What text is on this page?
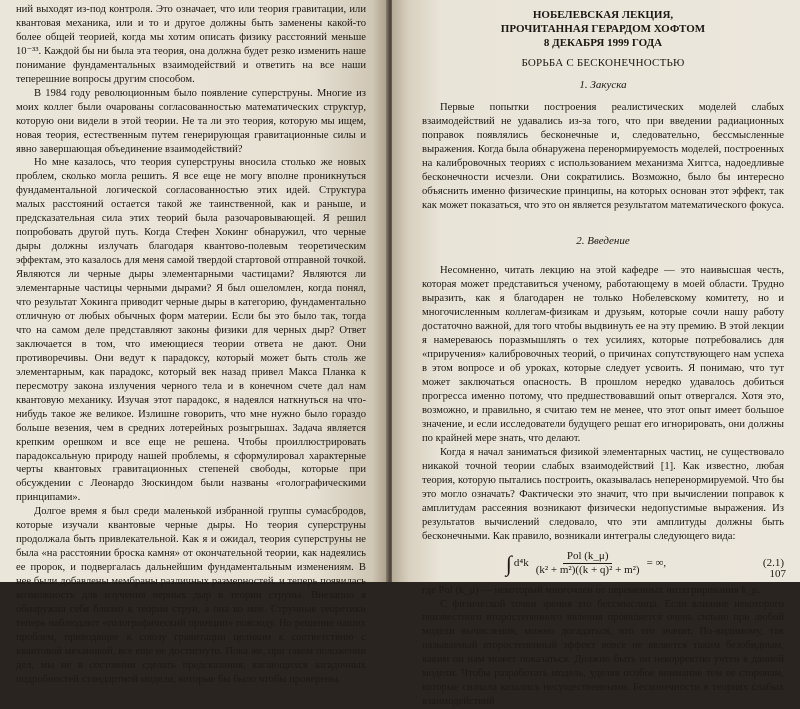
ний выходят из-под контроля. Это означает, что или теория гравитации, или квантовая механика, или и то и другое должны быть заменены какой-то более общей теорией, когда мы хотим описать физику расстояний меньше 10⁻³³. Каждой бы ни была эта теория, она должна будет резко изменить наше понимание фундаментальных взаимодействий и ответить на все наши теперешние вопросы другим способом.

В 1984 году революционным было появление суперструны. Многие из моих коллег были очарованы согласованностью математических структур, которую они видели в этой теории. Не та ли это теория, которую мы ищем, новая теория, естественным путем генерирующая гравитационные силы и явно завершающая объединение взаимодействий?

Но мне казалось, что теория суперструны вносила столько же новых проблем, сколько могла решить. Я все еще не могу вполне проникнуться фундаментальной логической согласованностью этих идей. Структура малых расстояний остается такой же таинственной, как и раньше, и предсказательная сила этих теорий была разочаровывающей. Я решил попробовать другой путь. Когда Стефен Хокинг обнаружил, что черные дыры должны излучать благодаря квантово-полевым теоретическим эффектам, это казалось для меня самой твердой стартовой отправной точкой. Являются ли черные дыры элементарными частицами? Являются ли элементарные частицы черными дырами? Я был ошеломлен, когда понял, что результат Хокинга приводит черные дыры в категорию, фундаментально отличную от любых обычных форм материи. Если бы это было так, тогда что на самом деле представляют законы физики для черных дыр? Ответ заключается в том, что имеющиеся теории ответа не дают. Они противоречивы. Они ведут к парадоксу, который может быть столь же элементарным, как парадокс, который век назад привел Макса Планка к пересмотру закона излучения черного тела и в конечном счете дал нам квантовую механику. Изучая этот парадокс, я надеялся наткнуться на что-нибудь такое же великое. Излишне говорить, что мне нужно было гораздо больше везения, чем в средних лотерейных розыгрышах. Задача является крепким орешком и все еще не решена. Чтобы проиллюстрировать парадоксальную природу нашей проблемы, я сформулировал характерные черты квантовых гравитационных степеней свободы, которые при обсуждении с Леонардо Зюскиндом были названы «голографическими принципами».

Долгое время я был среди маленькой избранной группы сумасбродов, которые изучали квантовые черные дыры. Но теория суперструны продолжала быть привлекательной. Как я и ожидал, теория суперструны не была «на расстоянии броска камня» от окончательной теории, как надеялись ее пророк, и подвергалась дальнейшим фундаментальным изменениям. В нее были добавлены мембраны различных размерностей, и теперь появилась возможность для изучения черных дыр в теории струны. Внезапно я обнаружил себя близко к теории струн, а она ко мне. Струнные теоретики теперь наблюдают «голографический принцип» повсюду. Но решение наших проблем, приводящее к союзу гравитации целиком к соответствию с квантовой механикой, все еще не достигнуто. Пока же, при таком положении дел, мы не в состоянии сделать предсказания, касающихся загадочных подробностей стандартной модели, которые бы было чтобы проверены.

НОБЕЛЕВСКАЯ ЛЕКЦИЯ,
ПРОЧИТАННАЯ ГЕРАРДОМ ХОФТОМ
8 ДЕКАБРЯ 1999 ГОДА
БОРЬБА С БЕСКОНЕЧНОСТЬЮ
1. Закуска

Первые попытки построения реалистических моделей слабых взаимодействий не удавались из-за того, что при введении радиационных поправок появлялись бесконечные и, следовательно, бессмысленные выражения. Когда была обнаружена перенормируемость моделей, построенных на калибровочных теориях с использованием механизма Хиггса, надоедливые бесконечности исчезли. Они сократились. Возможно, было бы интересно объяснить именно физические принципы, на которых основан этот эффект, так как может показаться, что это он является результатом математического фокуса.

2. Введение

Несомненно, читать лекцию на этой кафедре — это наивысшая честь, которая может представиться ученому, работающему в моей области. Трудно выразить, как я благодарен не только Нобелевскому комитету, но и многочисленным коллегам-физикам и друзьям, которые сочли нашу работу достаточно важной, для того чтобы выдвинуть ее на эту премию. В этой лекции я намереваюсь поразмышлять о тех усилиях, которые потребовались для «приручения» калибровочных теорий, о причинах сопутствующего нам успеха в этом вопросе и об уроках, которые следует усвоить. Я понимаю, что тут может заключаться опасность. В прошлом нередко удавалось добиться прогресса именно потому, что предшествовавший опыт отвергался. Хотя это, возможно, и правильно, я считаю тем не менее, что этот опыт имеет большое значение, и если исследователи будущего решат его игнорировать, они должны по крайней мере знать, что делают.

Когда я начал заниматься физикой элементарных частиц, не существовало никакой точной теории слабых взаимодействий [1]. Как известно, любая теория, которую пытались построить, оказывалась неперенормируемой. Что бы это могло означать? Фактически это значит, что при вычислении поправок к амплитудам рассеяния возникают физически недопустимые выражения. Из результатов вычислений следовало, что эти амплитуды должны быть бесконечными. Как правило, возникали интегралы следующего вида:

∫ $d^4k \frac{\text{Pol (k\_μ)}}{\text{(k² + m²)((k + q)² + m²)}}$ = ∞,	(2.1)

где Pol (k_μ) — некоторый многочлен от переменных интегрирования k_μ.

С физической точки зрения это бессмыслица. Если влияние некоторого неизвестного второстепенного явления проявляется очень сильно при любой модели вычисления, можно догадаться, что это значит. По-видимому, так называемый второстепенный эффект вовсе не является таким безобидным, каким он нам может показаться. Должно быть он некорректно учтен в данной модели. Чтобы разработать модель, уделяя особое внимание тем ее сторонам, которые сначала казались несущественными. Бесконечности в теориях слабых взаимодействий

107
